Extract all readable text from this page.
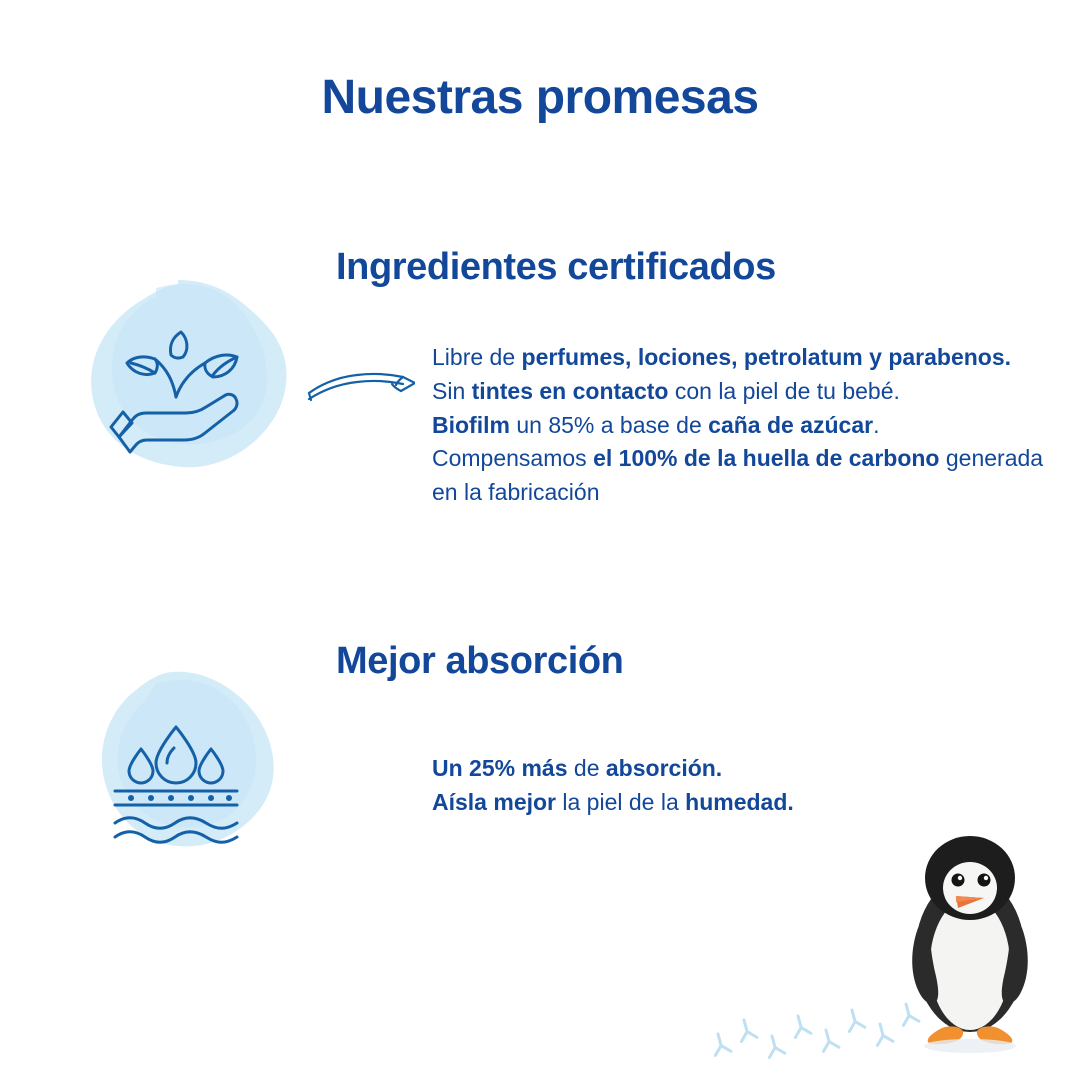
Nuestras promesas
Ingredientes certificados
Libre de perfumes, lociones, petrolatum y parabenos.
Sin tintes en contacto con la piel de tu bebé.
Biofilm un 85% a base de caña de azúcar.
Compensamos el 100% de la huella de carbono generada en la fabricación
Mejor absorción
Un 25% más de absorción.
Aísla mejor la piel de la humedad.
